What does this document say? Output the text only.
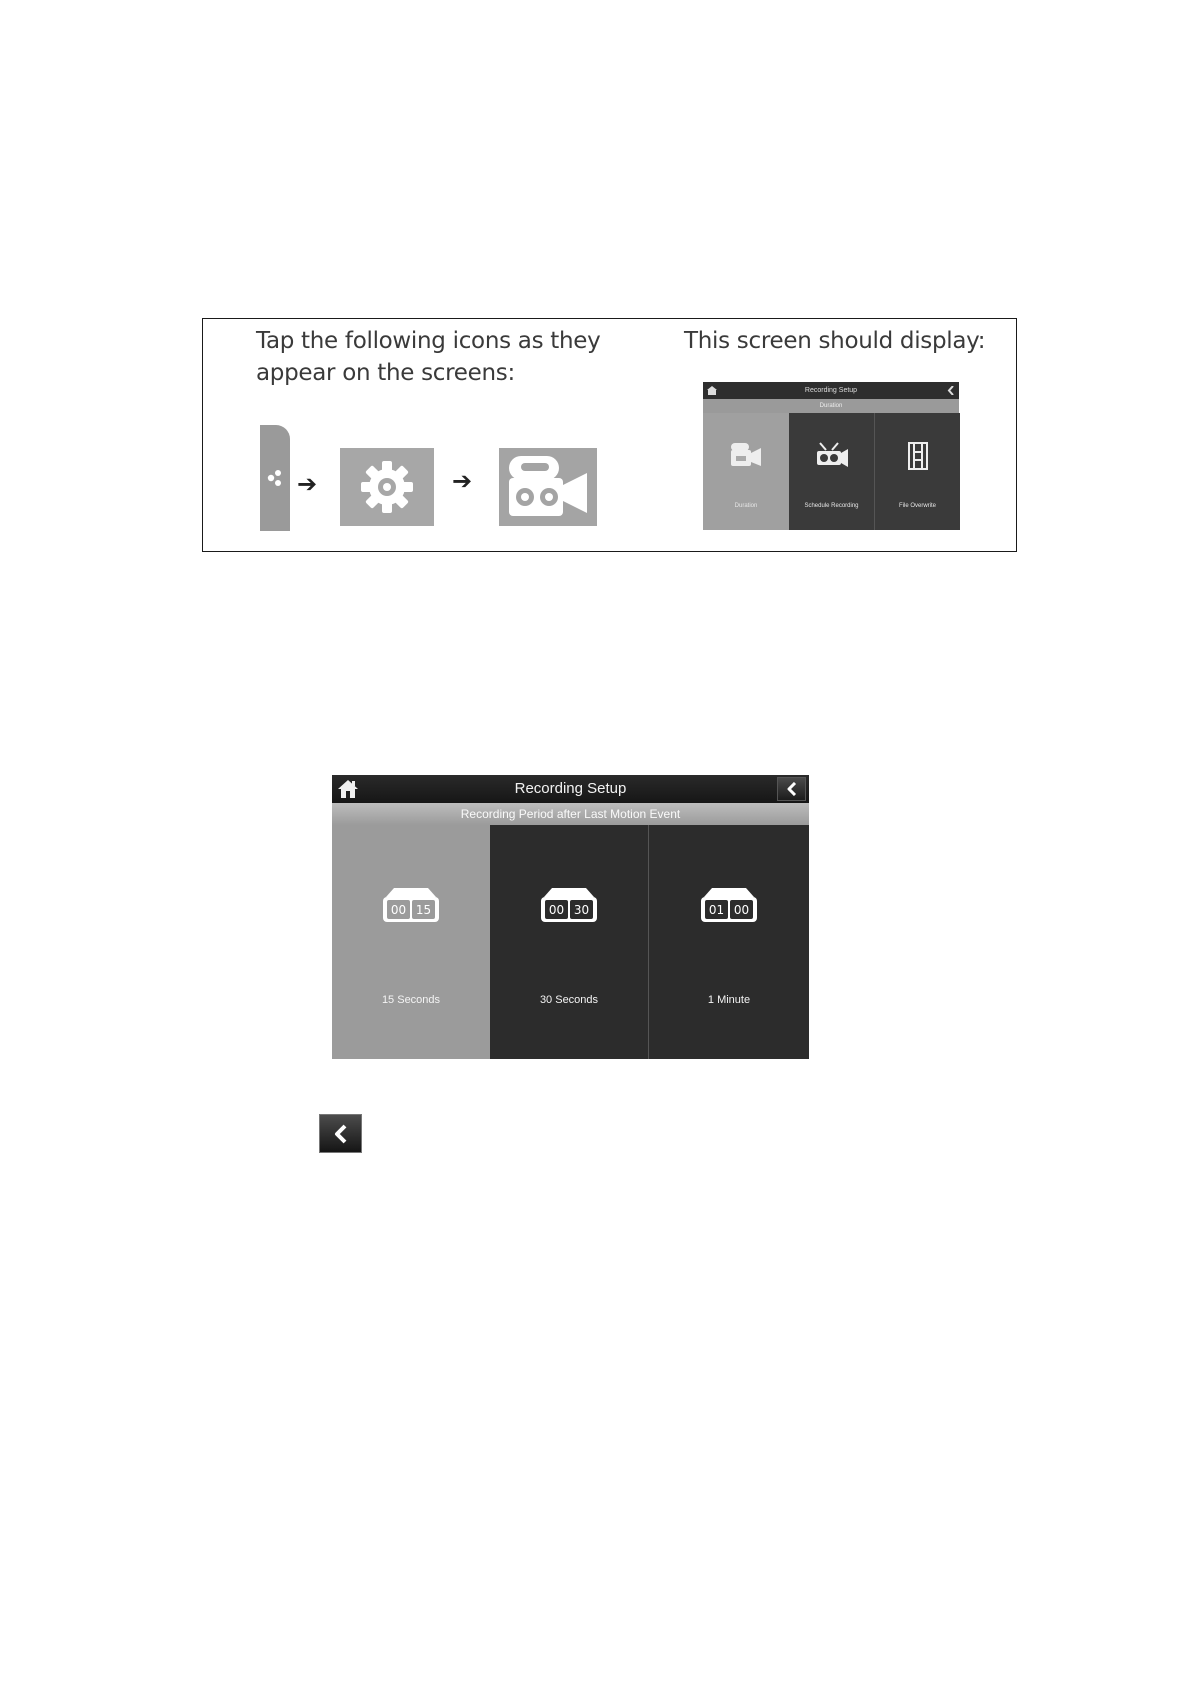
Tap the following icons as they appear on the screens:
This screen should display:
➔	➔
Recording Setup
Duration
Duration	Schedule Recording	File Overwrite
Recording Setup
Recording Period after Last Motion Event
00 15
15 Seconds
00 30
30 Seconds
01 00
1 Minute
